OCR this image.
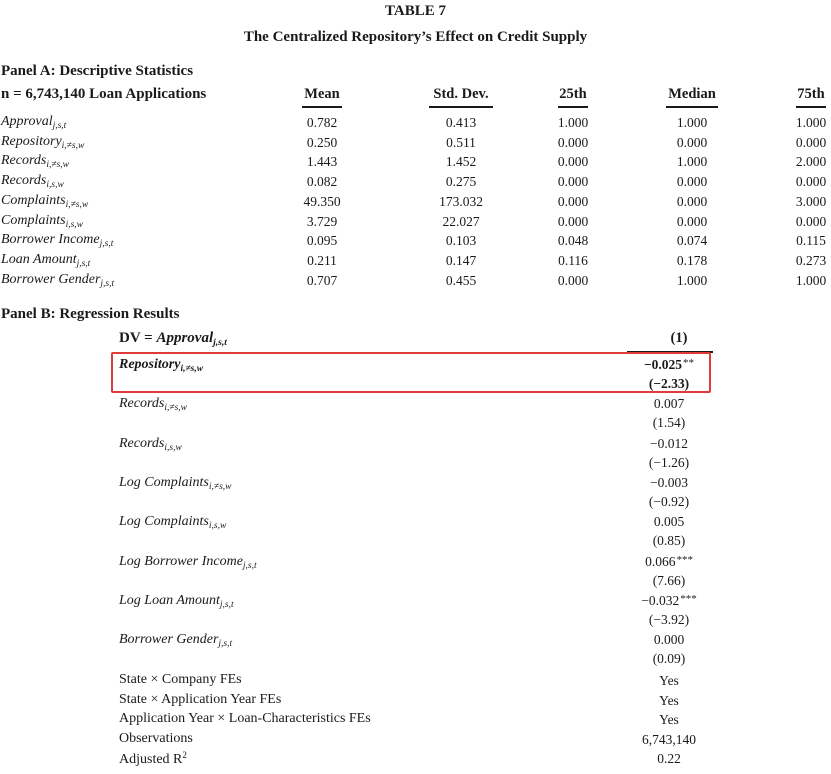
TABLE 7
The Centralized Repository’s Effect on Credit Supply
Panel A: Descriptive Statistics
n = 6,743,140 Loan Applications	Mean	Std. Dev.	25th	Median	75th
Approval$_{j,s,t}$	0.782	0.413	1.000	1.000	1.000
Repository$_{i,\ne s,w}$	0.250	0.511	0.000	0.000	0.000
Records$_{i,\ne s,w}$	1.443	1.452	0.000	1.000	2.000
Records$_{i,s,w}$	0.082	0.275	0.000	0.000	0.000
Complaints$_{i,\ne s,w}$	49.350	173.032	0.000	0.000	3.000
Complaints$_{i,s,w}$	3.729	22.027	0.000	0.000	0.000
Borrower Income$_{j,s,t}$	0.095	0.103	0.048	0.074	0.115
Loan Amount$_{j,s,t}$	0.211	0.147	0.116	0.178	0.273
Borrower Gender$_{j,s,t}$	0.707	0.455	0.000	1.000	1.000
Panel B: Regression Results
DV = Approval$_{j,s,t}$	(1)
Repository$_{i,\ne s,w}$	−0.025**
(−2.33)
Records$_{i,\ne s,w}$	0.007
(1.54)
Records$_{i,s,w}$	−0.012
(−1.26)
Log Complaints$_{i,\ne s,w}$	−0.003
(−0.92)
Log Complaints$_{i,s,w}$	0.005
(0.85)
Log Borrower Income$_{j,s,t}$	0.066***
(7.66)
Log Loan Amount$_{j,s,t}$	−0.032***
(−3.92)
Borrower Gender$_{j,s,t}$	0.000
(0.09)
State × Company FEs	Yes
State × Application Year FEs	Yes
Application Year × Loan-Characteristics FEs	Yes
Observations	6,743,140
Adjusted $R^2$	0.22
